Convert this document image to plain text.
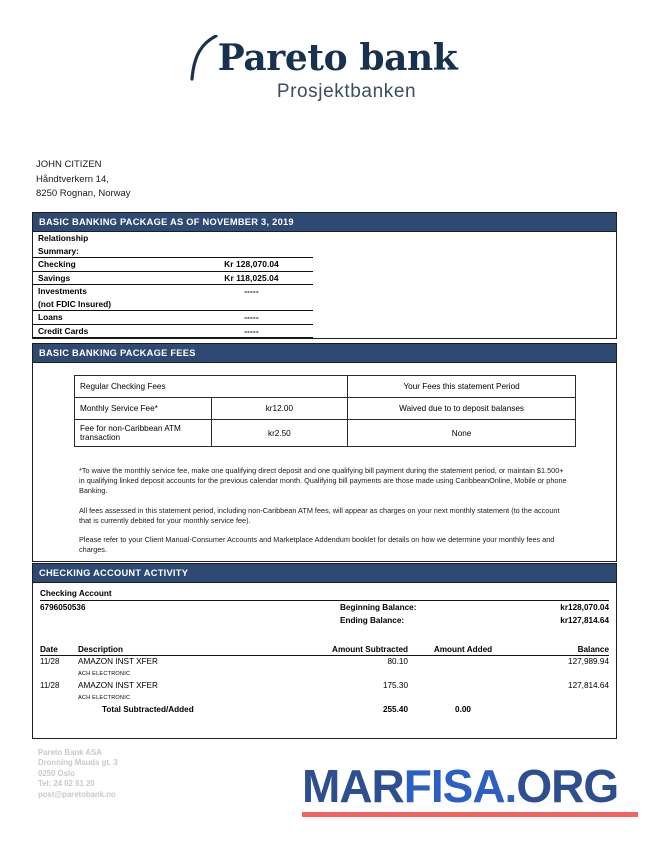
Pareto bank
Prosjektbanken
JOHN CITIZEN
Håndtverkern 14,
8250 Rognan, Norway
BASIC BANKING PACKAGE AS OF NOVEMBER 3, 2019
Relationship		
Summary:		
Checking	Kr 128,070.04	
Savings	Kr 118,025.04	
Investments	-----	
(not FDIC Insured)		
Loans	-----	
Credit Cards	-----	
BASIC BANKING PACKAGE FEES
Regular Checking Fees		Your Fees this statement Period
Monthly Service Fee*	kr12.00	Waived due to to deposit balanses
Fee for non-Caribbean ATM transaction	kr2.50	None

*To waive the monthly service fee, make one qualifying direct deposit and one qualifying bill payment during the statement period, or maintain $1.500+ in qualifying linked deposit accounts for the previous calendar month. Qualifying bill payments are those made using CaribbeanOnline, Mobile or phone Banking.

All fees assessed in this statement period, including non-Caribbean ATM fees, will appear as charges on your next monthly statement (to the account that is currently debited for your monthly service fee).

Please refer to your Client Manual-Consumer Accounts and Marketplace Addendum booklet for details on how we determine your monthly fees and charges.

CHECKING ACCOUNT ACTIVITY
Checking Account
6796050536	Beginning Balance:	kr128,070.04
	Ending Balance:	kr127,814.64
Date	Description	Amount Subtracted	Amount Added	Balance
11/28	AMAZON INST XFER	80.10		127,989.94
	ACH ELECTRONIC			
11/28	AMAZON INST XFER	175.30		127,814.64
	ACH ELECTRONIC			
	Total Subtracted/Added	255.40	0.00	
Pareto Bank ASA
Dronning Mauds gt. 3
0250 Oslo
Tel: 24 02 81 20
post@paretobank.no	MARFISA.ORG
